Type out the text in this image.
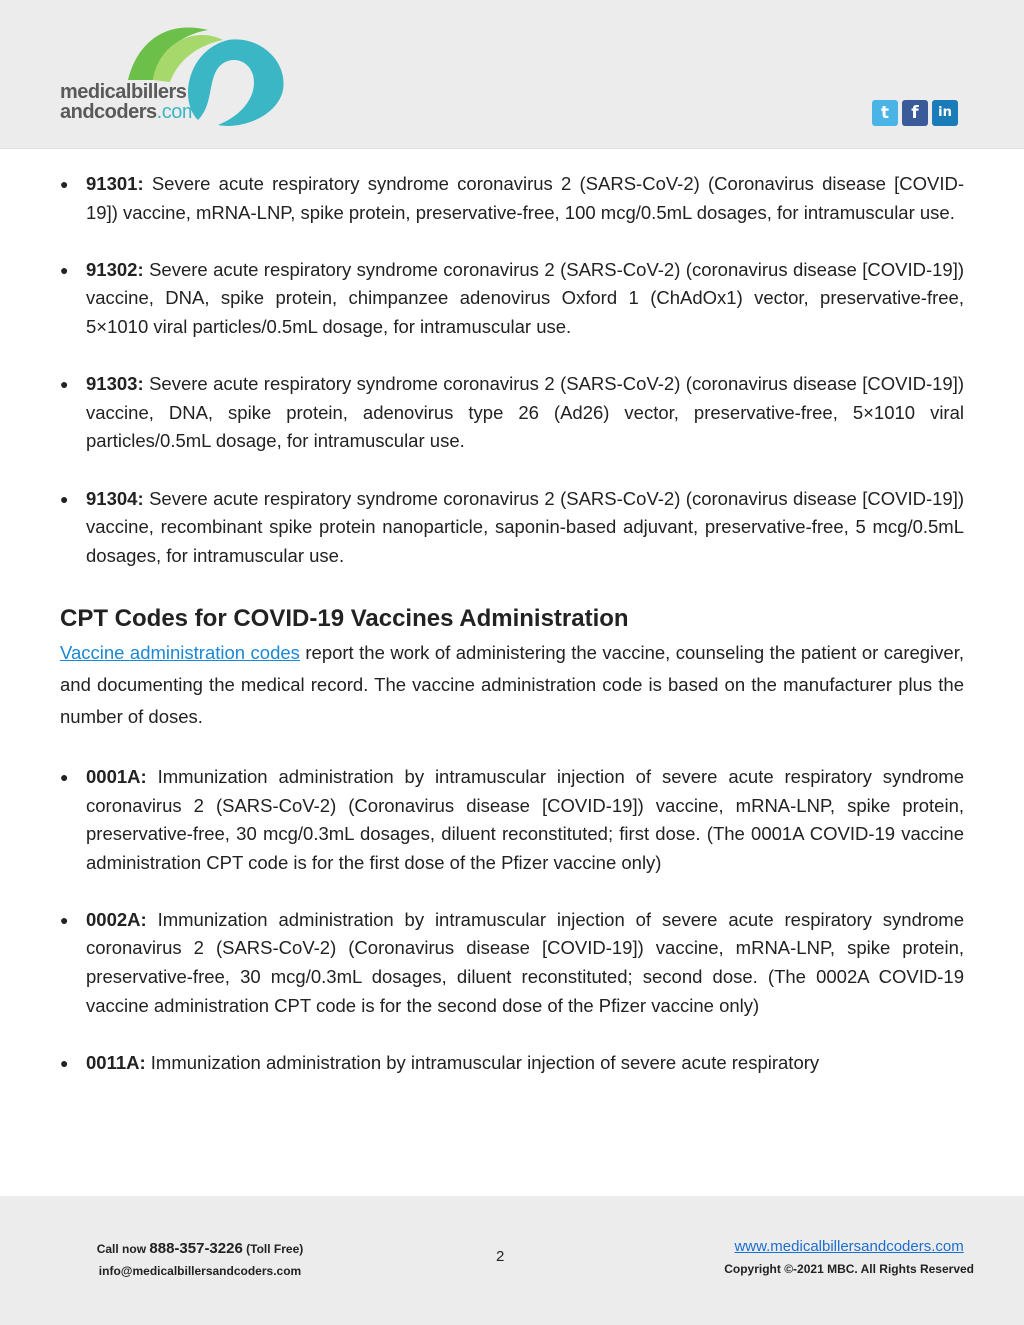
medicalbillers
andcoders.com	t	f	in
● 91301: Severe acute respiratory syndrome coronavirus 2 (SARS-CoV-2) (Coronavirus disease [COVID-19]) vaccine, mRNA-LNP, spike protein, preservative-free, 100 mcg/0.5mL dosages, for intramuscular use.
● 91302: Severe acute respiratory syndrome coronavirus 2 (SARS-CoV-2) (coronavirus disease [COVID-19]) vaccine, DNA, spike protein, chimpanzee adenovirus Oxford 1 (ChAdOx1) vector, preservative-free, 5×1010 viral particles/0.5mL dosage, for intramuscular use.
● 91303: Severe acute respiratory syndrome coronavirus 2 (SARS-CoV-2) (coronavirus disease [COVID-19]) vaccine, DNA, spike protein, adenovirus type 26 (Ad26) vector, preservative-free, 5×1010 viral particles/0.5mL dosage, for intramuscular use.
● 91304: Severe acute respiratory syndrome coronavirus 2 (SARS-CoV-2) (coronavirus disease [COVID-19]) vaccine, recombinant spike protein nanoparticle, saponin-based adjuvant, preservative-free, 5 mcg/0.5mL dosages, for intramuscular use.
CPT Codes for COVID-19 Vaccines Administration

Vaccine administration codes report the work of administering the vaccine, counseling the patient or caregiver, and documenting the medical record. The vaccine administration code is based on the manufacturer plus the number of doses.

● 0001A: Immunization administration by intramuscular injection of severe acute respiratory syndrome coronavirus 2 (SARS-CoV-2) (Coronavirus disease [COVID-19]) vaccine, mRNA-LNP, spike protein, preservative-free, 30 mcg/0.3mL dosages, diluent reconstituted; first dose. (The 0001A COVID-19 vaccine administration CPT code is for the first dose of the Pfizer vaccine only)
● 0002A: Immunization administration by intramuscular injection of severe acute respiratory syndrome coronavirus 2 (SARS-CoV-2) (Coronavirus disease [COVID-19]) vaccine, mRNA-LNP, spike protein, preservative-free, 30 mcg/0.3mL dosages, diluent reconstituted; second dose. (The 0002A COVID-19 vaccine administration CPT code is for the second dose of the Pfizer vaccine only)
● 0011A: Immunization administration by intramuscular injection of severe acute respiratory
Call now 888-357-3226 (Toll Free)
info@medicalbillersandcoders.com
2
www.medicalbillersandcoders.com
Copyright ©-2021 MBC. All Rights Reserved
